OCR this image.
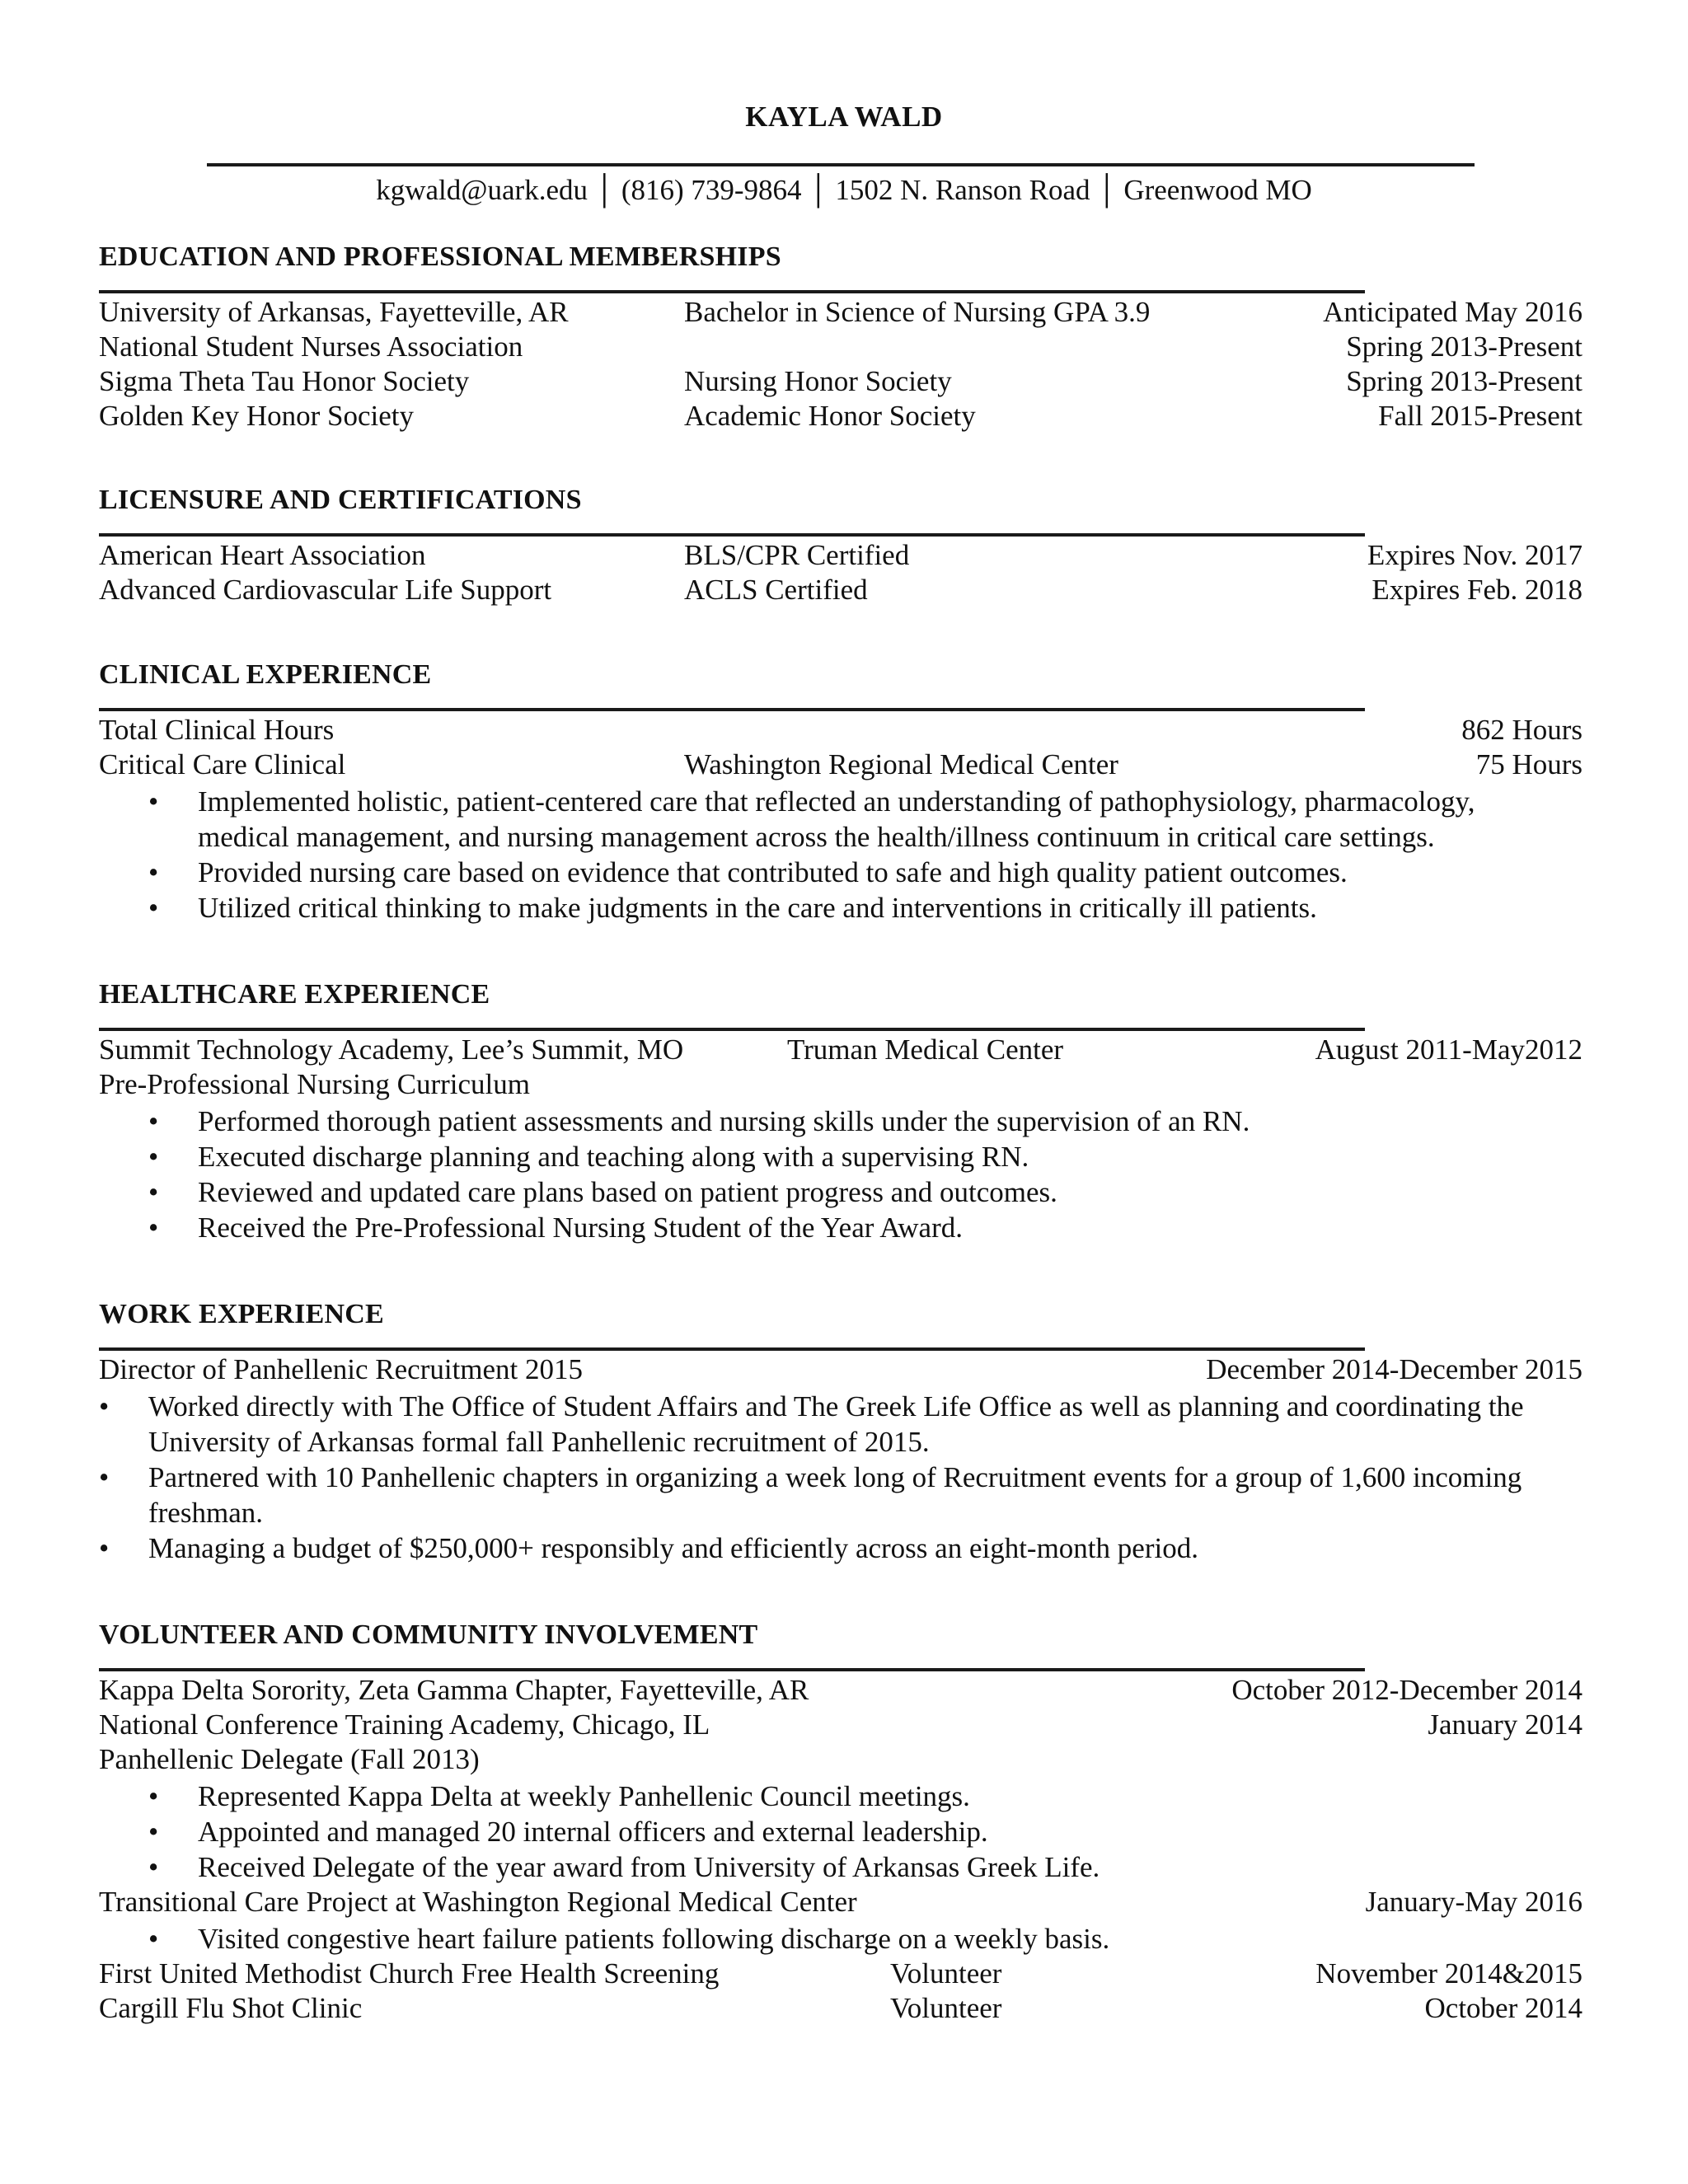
KAYLA WALD
kgwald@uark.edu │ (816) 739-9864 │ 1502 N. Ranson Road │ Greenwood MO
EDUCATION AND PROFESSIONAL MEMBERSHIPS
University of Arkansas, Fayetteville, AR	Bachelor in Science of Nursing GPA 3.9	Anticipated May 2016
National Student Nurses Association	Spring 2013-Present
Sigma Theta Tau Honor Society	Nursing Honor Society	Spring 2013-Present
Golden Key Honor Society	Academic Honor Society	Fall 2015-Present
LICENSURE AND CERTIFICATIONS
American Heart Association	BLS/CPR Certified	Expires Nov. 2017
Advanced Cardiovascular Life Support	ACLS Certified	Expires Feb. 2018
CLINICAL EXPERIENCE
Total Clinical Hours	862 Hours
Critical Care Clinical	Washington Regional Medical Center	75 Hours
• Implemented holistic, patient-centered care that reflected an understanding of pathophysiology, pharmacology, medical management, and nursing management across the health/illness continuum in critical care settings.
• Provided nursing care based on evidence that contributed to safe and high quality patient outcomes.
• Utilized critical thinking to make judgments in the care and interventions in critically ill patients.
HEALTHCARE EXPERIENCE
Summit Technology Academy, Lee’s Summit, MO	Truman Medical Center	August 2011-May2012
Pre-Professional Nursing Curriculum
• Performed thorough patient assessments and nursing skills under the supervision of an RN.
• Executed discharge planning and teaching along with a supervising RN.
• Reviewed and updated care plans based on patient progress and outcomes.
• Received the Pre-Professional Nursing Student of the Year Award.
WORK EXPERIENCE
Director of Panhellenic Recruitment 2015	December 2014-December 2015
• Worked directly with The Office of Student Affairs and The Greek Life Office as well as planning and coordinating the University of Arkansas formal fall Panhellenic recruitment of 2015.
• Partnered with 10 Panhellenic chapters in organizing a week long of Recruitment events for a group of 1,600 incoming freshman.
• Managing a budget of $250,000+ responsibly and efficiently across an eight-month period.
VOLUNTEER AND COMMUNITY INVOLVEMENT
Kappa Delta Sorority, Zeta Gamma Chapter, Fayetteville, AR	October 2012-December 2014
National Conference Training Academy, Chicago, IL	January 2014
Panhellenic Delegate (Fall 2013)
• Represented Kappa Delta at weekly Panhellenic Council meetings.
• Appointed and managed 20 internal officers and external leadership.
• Received Delegate of the year award from University of Arkansas Greek Life.
Transitional Care Project at Washington Regional Medical Center	January-May 2016
• Visited congestive heart failure patients following discharge on a weekly basis.
First United Methodist Church Free Health Screening	Volunteer	November 2014&2015
Cargill Flu Shot Clinic	Volunteer	October 2014
